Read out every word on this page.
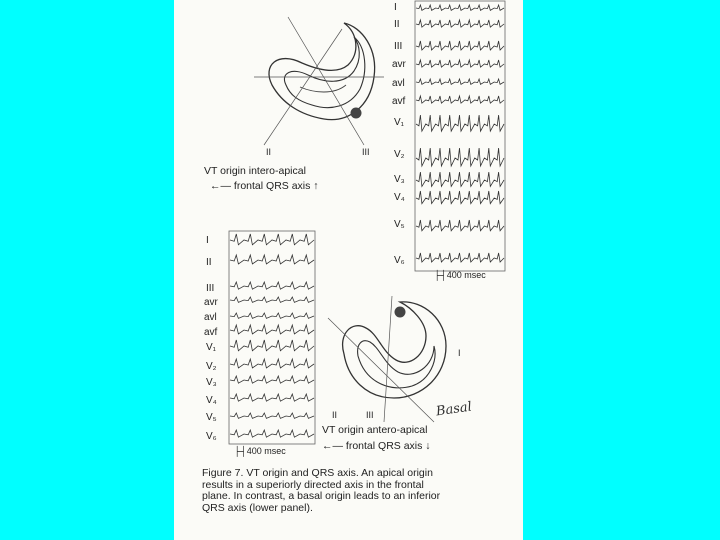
II	III
VT origin intero-apical
←— frontal QRS axis ↑
I
II
III
avr
avl
avf
V₁
V₂
V₃
V₄
V₅
V₆
├┤400 msec
I
II
III
avr
avl
avf
V₁
V₂
V₃
V₄
V₅
V₆
├┤400 msec
II	III
I
Basal
VT origin antero-apical
←— frontal QRS axis ↓
Figure 7. VT origin and QRS axis. An apical origin
results in a superiorly directed axis in the frontal
plane. In contrast, a basal origin leads to an inferior
QRS axis (lower panel).
